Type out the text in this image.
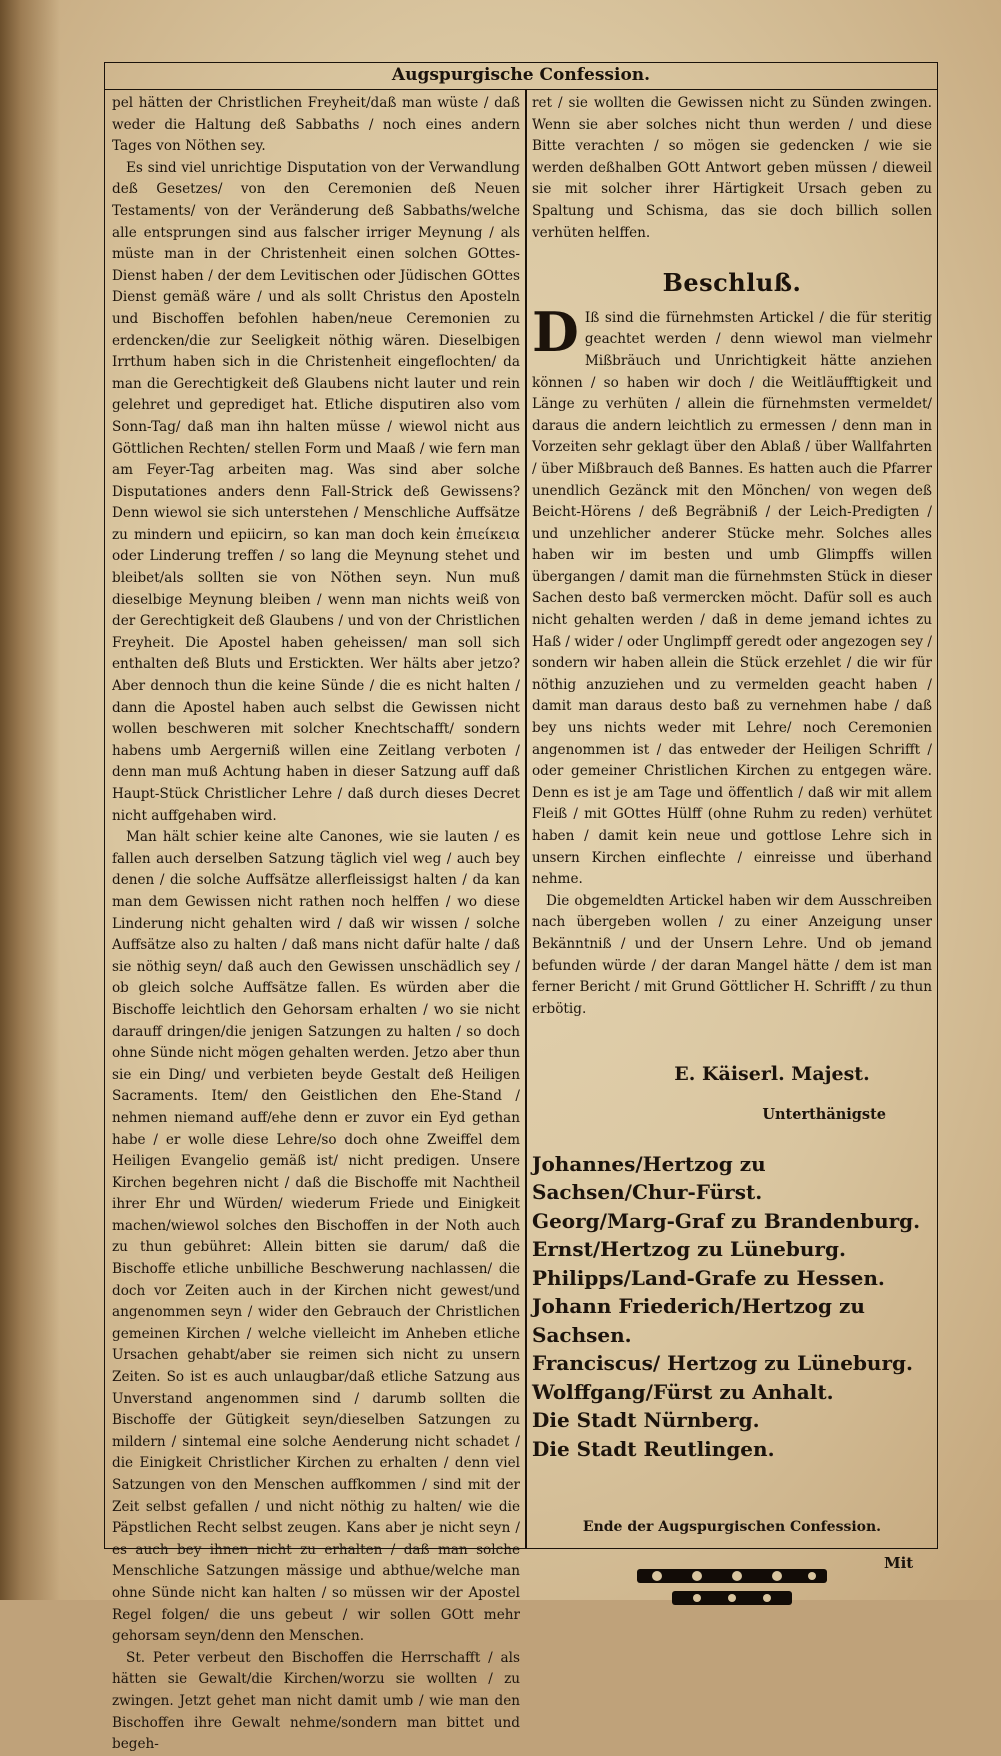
Augspurgische Confession.

pel hätten der Christlichen Freyheit/daß man wüste / daß weder die Haltung deß Sabbaths / noch eines andern Tages von Nöthen sey.

Es sind viel unrichtige Disputation von der Verwandlung deß Gesetzes/ von den Ceremonien deß Neuen Testaments/ von der Veränderung deß Sabbaths/welche alle entsprungen sind aus falscher irriger Meynung / als müste man in der Christenheit einen solchen GOttes-Dienst haben / der dem Levitischen oder Jüdischen GOttes Dienst gemäß wäre / und als sollt Christus den Aposteln und Bischoffen befohlen haben/neue Ceremonien zu erdencken/die zur Seeligkeit nöthig wären. Dieselbigen Irrthum haben sich in die Christenheit eingeflochten/ da man die Gerechtigkeit deß Glaubens nicht lauter und rein gelehret und geprediget hat. Etliche disputiren also vom Sonn-Tag/ daß man ihn halten müsse / wiewol nicht aus Göttlichen Rechten/ stellen Form und Maaß / wie fern man am Feyer-Tag arbeiten mag. Was sind aber solche Disputationes anders denn Fall-Strick deß Gewissens? Denn wiewol sie sich unterstehen / Menschliche Auffsätze zu mindern und epiicirn, so kan man doch kein ἐπιείκεια oder Linderung treffen / so lang die Meynung stehet und bleibet/als sollten sie von Nöthen seyn. Nun muß dieselbige Meynung bleiben / wenn man nichts weiß von der Gerechtigkeit deß Glaubens / und von der Christlichen Freyheit. Die Apostel haben geheissen/ man soll sich enthalten deß Bluts und Erstickten. Wer hälts aber jetzo? Aber dennoch thun die keine Sünde / die es nicht halten / dann die Apostel haben auch selbst die Gewissen nicht wollen beschweren mit solcher Knechtschafft/ sondern habens umb Aergerniß willen eine Zeitlang verboten / denn man muß Achtung haben in dieser Satzung auff daß Haupt-Stück Christlicher Lehre / daß durch dieses Decret nicht auffgehaben wird.

Man hält schier keine alte Canones, wie sie lauten / es fallen auch derselben Satzung täglich viel weg / auch bey denen / die solche Auffsätze allerfleissigst halten / da kan man dem Gewissen nicht rathen noch helffen / wo diese Linderung nicht gehalten wird / daß wir wissen / solche Auffsätze also zu halten / daß mans nicht dafür halte / daß sie nöthig seyn/ daß auch den Gewissen unschädlich sey / ob gleich solche Auffsätze fallen. Es würden aber die Bischoffe leichtlich den Gehorsam erhalten / wo sie nicht darauff dringen/die jenigen Satzungen zu halten / so doch ohne Sünde nicht mögen gehalten werden. Jetzo aber thun sie ein Ding/ und verbieten beyde Gestalt deß Heiligen Sacraments. Item/ den Geistlichen den Ehe-Stand / nehmen niemand auff/ehe denn er zuvor ein Eyd gethan habe / er wolle diese Lehre/so doch ohne Zweiffel dem Heiligen Evangelio gemäß ist/ nicht predigen. Unsere Kirchen begehren nicht / daß die Bischoffe mit Nachtheil ihrer Ehr und Würden/ wiederum Friede und Einigkeit machen/wiewol solches den Bischoffen in der Noth auch zu thun gebühret: Allein bitten sie darum/ daß die Bischoffe etliche unbilliche Beschwerung nachlassen/ die doch vor Zeiten auch in der Kirchen nicht gewest/und angenommen seyn / wider den Gebrauch der Christlichen gemeinen Kirchen / welche vielleicht im Anheben etliche Ursachen gehabt/aber sie reimen sich nicht zu unsern Zeiten. So ist es auch unlaugbar/daß etliche Satzung aus Unverstand angenommen sind / darumb sollten die Bischoffe der Gütigkeit seyn/dieselben Satzungen zu mildern / sintemal eine solche Aenderung nicht schadet / die Einigkeit Christlicher Kirchen zu erhalten / denn viel Satzungen von den Menschen auffkommen / sind mit der Zeit selbst gefallen / und nicht nöthig zu halten/ wie die Päpstlichen Recht selbst zeugen. Kans aber je nicht seyn / es auch bey ihnen nicht zu erhalten / daß man solche Menschliche Satzungen mässige und abthue/welche man ohne Sünde nicht kan halten / so müssen wir der Apostel Regel folgen/ die uns gebeut / wir sollen GOtt mehr gehorsam seyn/denn den Menschen.

St. Peter verbeut den Bischoffen die Herrschafft / als hätten sie Gewalt/die Kirchen/worzu sie wollten / zu zwingen. Jetzt gehet man nicht damit umb / wie man den Bischoffen ihre Gewalt nehme/sondern man bittet und begeh-

ret / sie wollten die Gewissen nicht zu Sünden zwingen. Wenn sie aber solches nicht thun werden / und diese Bitte verachten / so mögen sie gedencken / wie sie werden deßhalben GOtt Antwort geben müssen / dieweil sie mit solcher ihrer Härtigkeit Ursach geben zu Spaltung und Schisma, das sie doch billich sollen verhüten helffen.

Beschluß.

D Iß sind die fürnehmsten Artickel / die für steritig geachtet werden / denn wiewol man vielmehr Mißbräuch und Unrichtigkeit hätte anziehen können / so haben wir doch / die Weitläufftigkeit und Länge zu verhüten / allein die fürnehmsten vermeldet/ daraus die andern leichtlich zu ermessen / denn man in Vorzeiten sehr geklagt über den Ablaß / über Wallfahrten / über Mißbrauch deß Bannes. Es hatten auch die Pfarrer unendlich Gezänck mit den Mönchen/ von wegen deß Beicht-Hörens / deß Begräbniß / der Leich-Predigten / und unzehlicher anderer Stücke mehr. Solches alles haben wir im besten und umb Glimpffs willen übergangen / damit man die fürnehmsten Stück in dieser Sachen desto baß vermercken möcht. Dafür soll es auch nicht gehalten werden / daß in deme jemand ichtes zu Haß / wider / oder Unglimpff geredt oder angezogen sey / sondern wir haben allein die Stück erzehlet / die wir für nöthig anzuziehen und zu vermelden geacht haben / damit man daraus desto baß zu vernehmen habe / daß bey uns nichts weder mit Lehre/ noch Ceremonien angenommen ist / das entweder der Heiligen Schrifft / oder gemeiner Christlichen Kirchen zu entgegen wäre. Denn es ist je am Tage und öffentlich / daß wir mit allem Fleiß / mit GOttes Hülff (ohne Ruhm zu reden) verhütet haben / damit kein neue und gottlose Lehre sich in unsern Kirchen einflechte / einreisse und überhand nehme.

Die obgemeldten Artickel haben wir dem Ausschreiben nach übergeben wollen / zu einer Anzeigung unser Bekänntniß / und der Unsern Lehre. Und ob jemand befunden würde / der daran Mangel hätte / dem ist man ferner Bericht / mit Grund Göttlicher H. Schrifft / zu thun erbötig.

E. Käiserl. Majest.
Unterthänigste

Johannes/Hertzog zu Sachsen/Chur-Fürst.

Georg/Marg-Graf zu Brandenburg.

Ernst/Hertzog zu Lüneburg.

Philipps/Land-Grafe zu Hessen.

Johann Friederich/Hertzog zu Sachsen.

Franciscus/ Hertzog zu Lüneburg.

Wolffgang/Fürst zu Anhalt.

Die Stadt Nürnberg.

Die Stadt Reutlingen.

Ende der Augspurgischen Confession.
Mit
